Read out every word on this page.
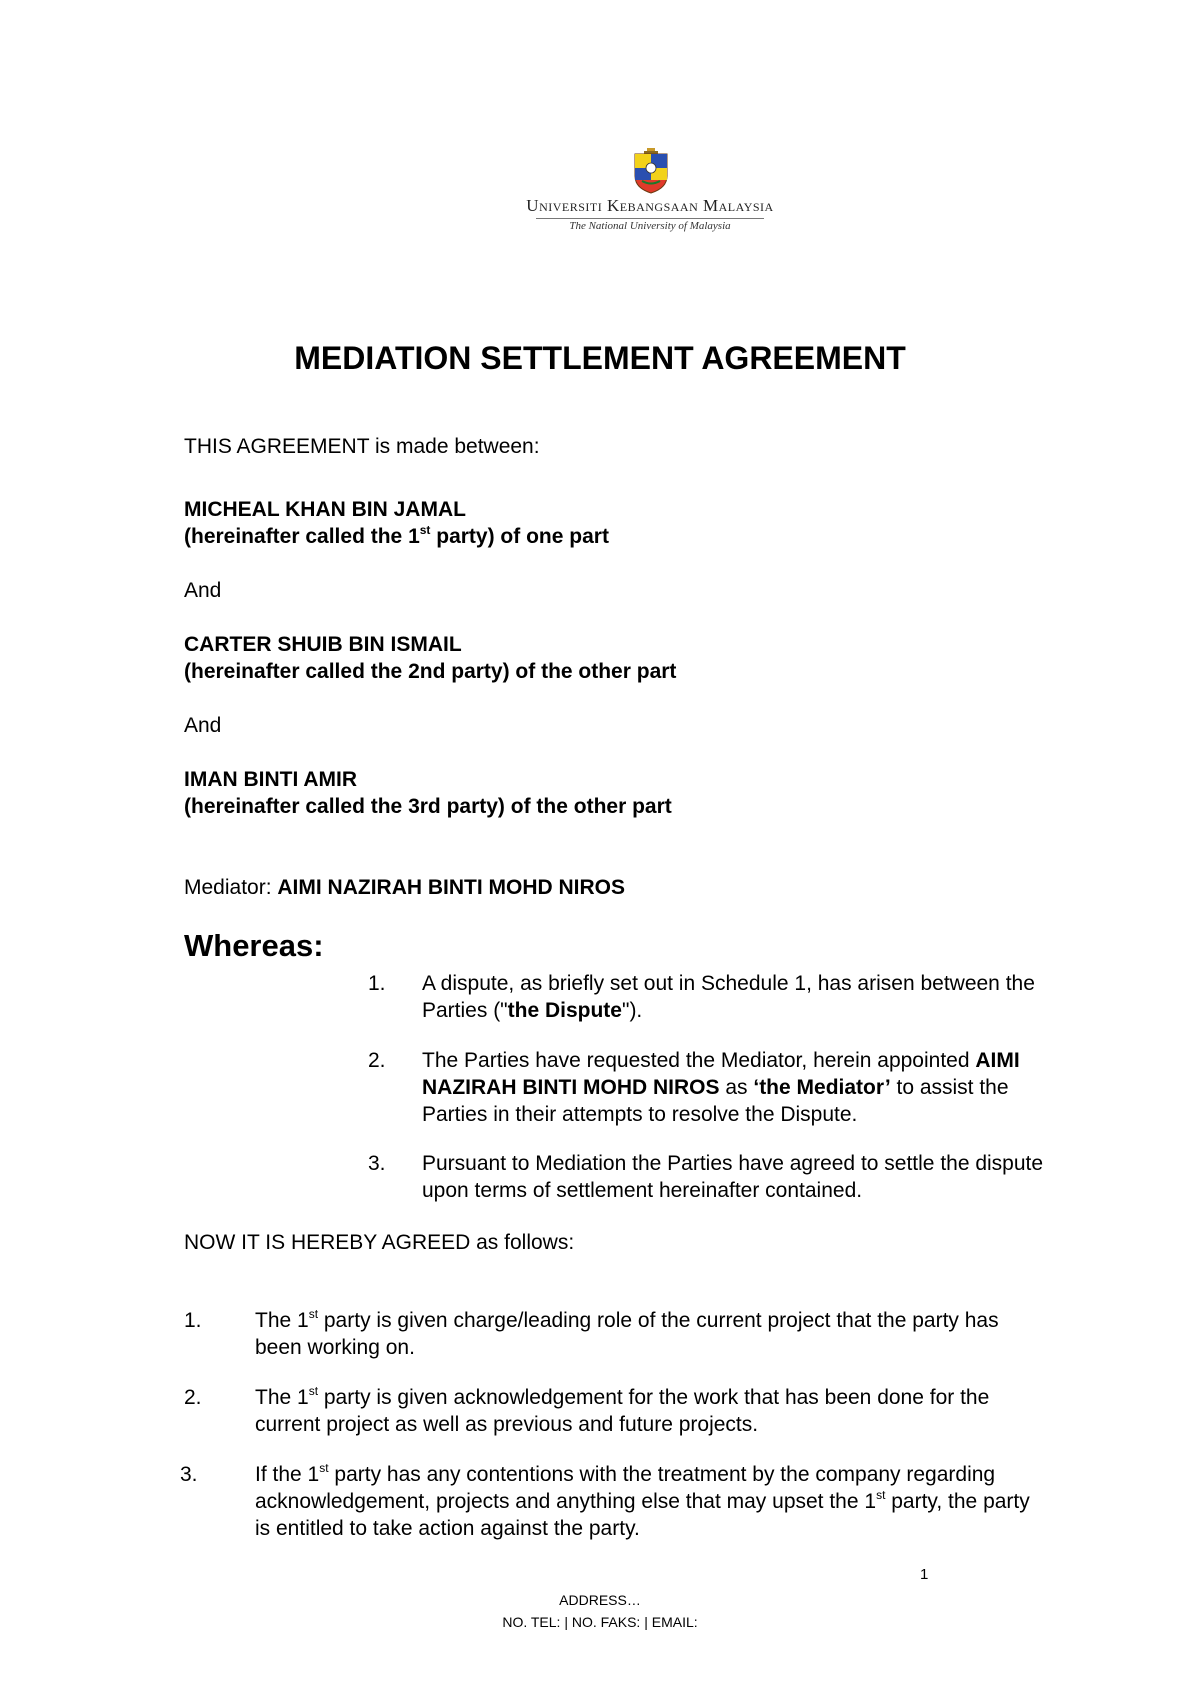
Universiti Kebangsaan Malaysia
The National University of Malaysia
MEDIATION SETTLEMENT AGREEMENT
THIS AGREEMENT is made between:
MICHEAL KHAN BIN JAMAL
(hereinafter called the 1st party) of one part
And
CARTER SHUIB BIN ISMAIL
(hereinafter called the 2nd party) of the other part
And
IMAN BINTI AMIR
(hereinafter called the 3rd party) of the other part
Mediator: AIMI NAZIRAH BINTI MOHD NIROS
Whereas:
1. A dispute, as briefly set out in Schedule 1, has arisen between the
Parties ("the Dispute").
2. The Parties have requested the Mediator, herein appointed AIMI
NAZIRAH BINTI MOHD NIROS as ‘the Mediator’ to assist the
Parties in their attempts to resolve the Dispute.
3. Pursuant to Mediation the Parties have agreed to settle the dispute
upon terms of settlement hereinafter contained.
NOW IT IS HEREBY AGREED as follows:
1.	The 1st party is given charge/leading role of the current project that the party has
been working on.
2.	The 1st party is given acknowledgement for the work that has been done for the
current project as well as previous and future projects.
3.	If the 1st party has any contentions with the treatment by the company regarding
acknowledgement, projects and anything else that may upset the 1st party, the party
is entitled to take action against the party.
1
ADDRESS…
NO. TEL: | NO. FAKS: | EMAIL:
